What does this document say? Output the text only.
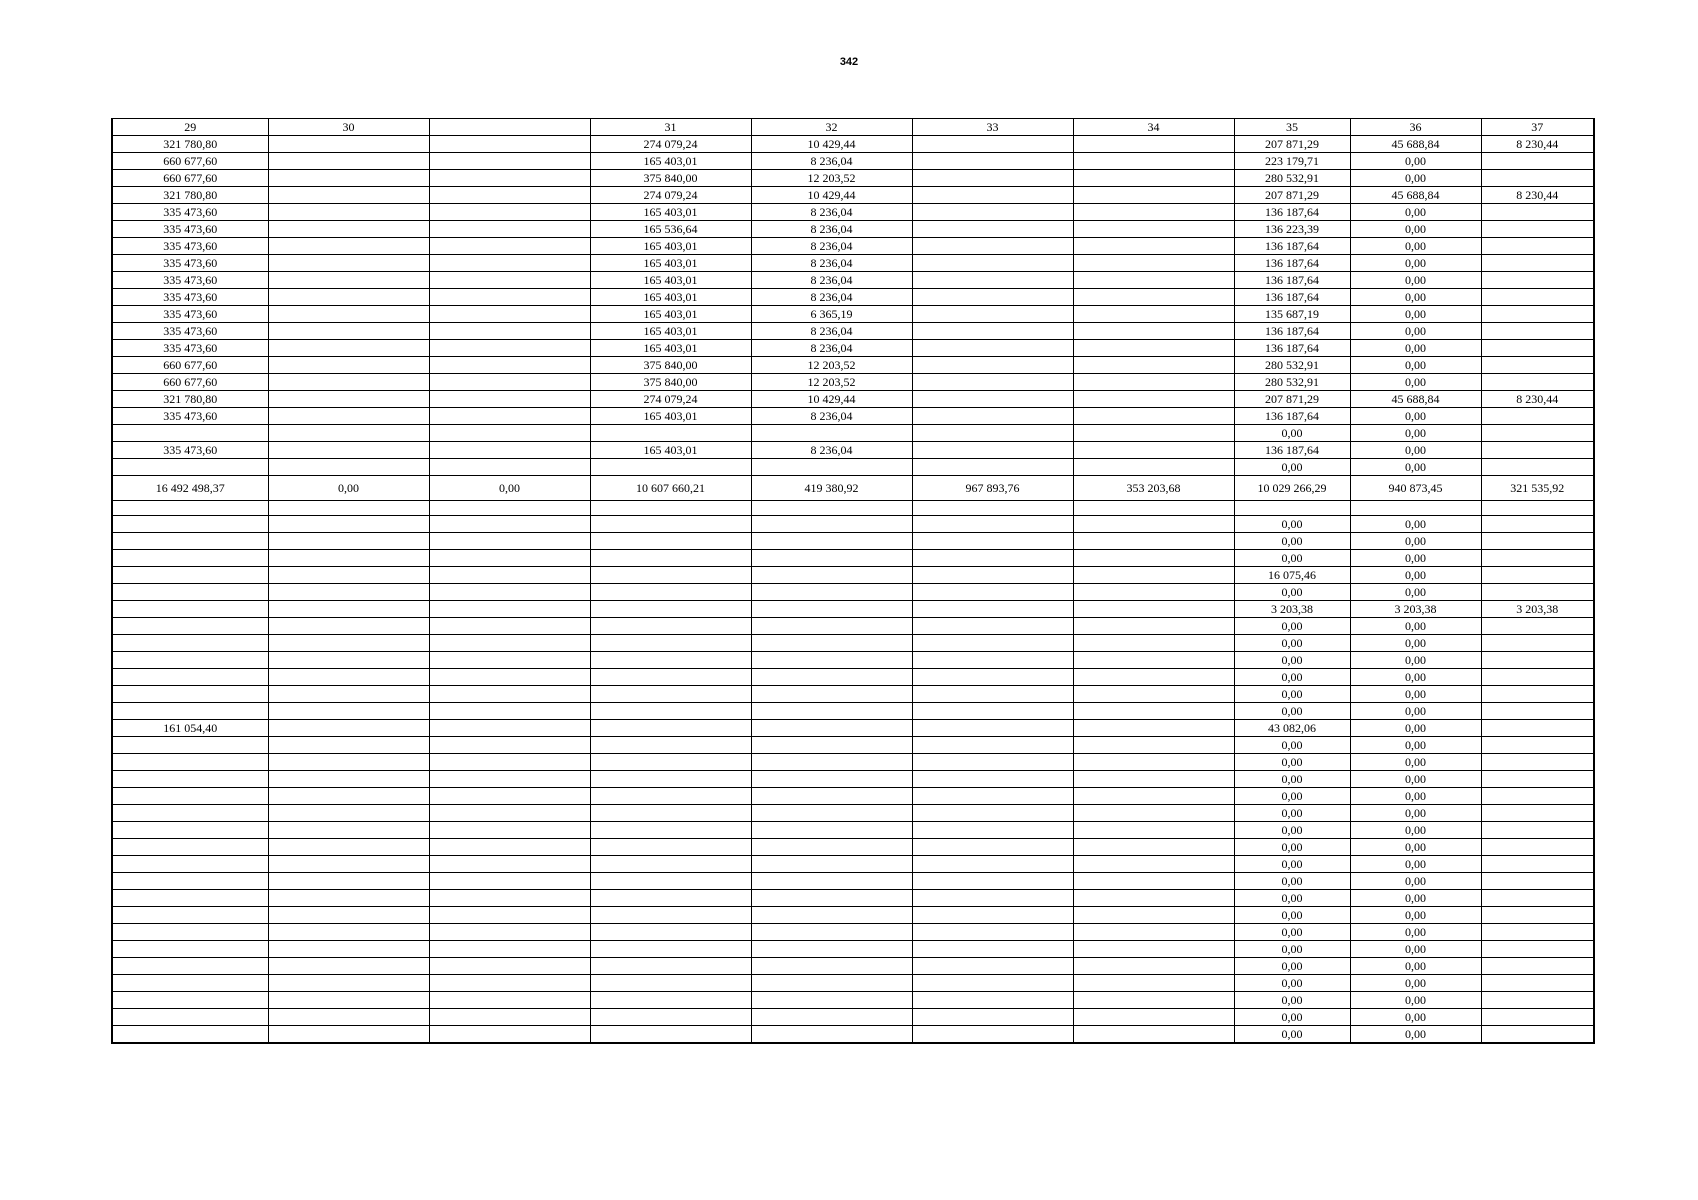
342
29	30		31	32	33	34	35	36	37
321 780,80			274 079,24	10 429,44			207 871,29	45 688,84	8 230,44
660 677,60			165 403,01	8 236,04			223 179,71	0,00	
660 677,60			375 840,00	12 203,52			280 532,91	0,00	
321 780,80			274 079,24	10 429,44			207 871,29	45 688,84	8 230,44
335 473,60			165 403,01	8 236,04			136 187,64	0,00	
335 473,60			165 536,64	8 236,04			136 223,39	0,00	
335 473,60			165 403,01	8 236,04			136 187,64	0,00	
335 473,60			165 403,01	8 236,04			136 187,64	0,00	
335 473,60			165 403,01	8 236,04			136 187,64	0,00	
335 473,60			165 403,01	8 236,04			136 187,64	0,00	
335 473,60			165 403,01	6 365,19			135 687,19	0,00	
335 473,60			165 403,01	8 236,04			136 187,64	0,00	
335 473,60			165 403,01	8 236,04			136 187,64	0,00	
660 677,60			375 840,00	12 203,52			280 532,91	0,00	
660 677,60			375 840,00	12 203,52			280 532,91	0,00	
321 780,80			274 079,24	10 429,44			207 871,29	45 688,84	8 230,44
335 473,60			165 403,01	8 236,04			136 187,64	0,00	
							0,00	0,00	
335 473,60			165 403,01	8 236,04			136 187,64	0,00	
							0,00	0,00	
16 492 498,37	0,00	0,00	10 607 660,21	419 380,92	967 893,76	353 203,68	10 029 266,29	940 873,45	321 535,92

							0,00	0,00	
							0,00	0,00	
							0,00	0,00	
							16 075,46	0,00	
							0,00	0,00	
							3 203,38	3 203,38	3 203,38
							0,00	0,00	
							0,00	0,00	
							0,00	0,00	
							0,00	0,00	
							0,00	0,00	
							0,00	0,00	
161 054,40							43 082,06	0,00	
							0,00	0,00	
							0,00	0,00	
							0,00	0,00	
							0,00	0,00	
							0,00	0,00	
							0,00	0,00	
							0,00	0,00	
							0,00	0,00	
							0,00	0,00	
							0,00	0,00	
							0,00	0,00	
							0,00	0,00	
							0,00	0,00	
							0,00	0,00	
							0,00	0,00	
							0,00	0,00	
							0,00	0,00	
							0,00	0,00	
